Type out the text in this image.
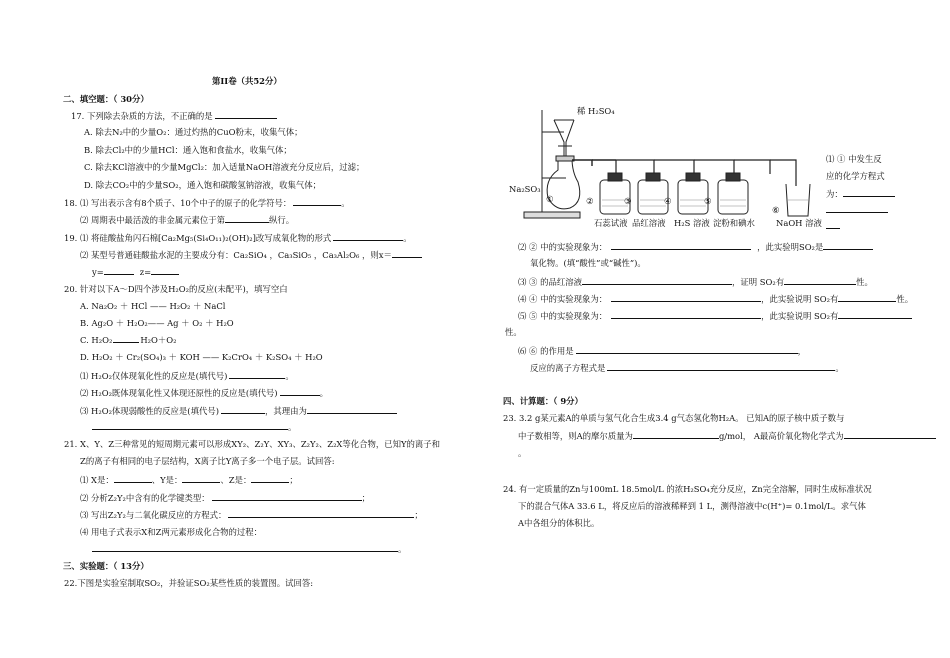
第II卷（共52分）
二、填空题：（ 30分）
17. 下列除去杂质的方法，不正确的是
A. 除去N₂中的少量O₂：通过灼热的CuO粉末，收集气体；
B. 除去Cl₂中的少量HCl：通入饱和食盐水，收集气体；
C. 除去KCl溶液中的少量MgCl₂：加入适量NaOH溶液充分反应后，过滤；
D. 除去CO₂中的少量SO₂，通入饱和碳酸氢钠溶液，收集气体；
18. ⑴ 写出表示含有8个质子、10个中子的原子的化学符号：	。
⑵ 周期表中最活泼的非金属元素位于第	纵行。
19. ⑴ 将硅酸盐角闪石棉[Ca₂Mg₅(Si₄O₁₁)₂(OH)₂]改写成氧化物的形式	。
⑵ 某型号普通硅酸盐水泥的主要成分有：Ca₂SiO₄ ，Ca₃SiO₅ ，Ca₃Al₂O₆ ，则x＝
y=	z=
20. 针对以下A～D四个涉及H₂O₂的反应(未配平)，填写空白
A. Na₂O₂ ＋ HCl —— H₂O₂ ＋ NaCl
B. Ag₂O ＋ H₂O₂—— Ag ＋ O₂ ＋ H₂O
C. H₂O₂	H₂O＋O₂
D. H₂O₂ ＋ Cr₂(SO₄)₃ ＋ KOH —— K₂CrO₄ ＋ K₂SO₄ ＋ H₂O
⑴ H₂O₂仅体现氧化性的反应是(填代号)	。
⑵ H₂O₂既体现氧化性又体现还原性的反应是(填代号)	。
⑶ H₂O₂体现弱酸性的反应是(填代号)	，其理由为
。
21. X、Y、Z三种常见的短周期元素可以形成XY₂、Z₂Y、XY₃、Z₂Y₂、Z₂X等化合物，已知Y的离子和
Z的离子有相同的电子层结构，X离子比Y离子多一个电子层。试回答:
⑴ X是：	、Y是：	、Z是：	；
⑵ 分析Z₂Y₂中含有的化学键类型：	；
⑶ 写出Z₂Y₂与二氧化碳反应的方程式：	；
⑷ 用电子式表示X和Z两元素形成化合物的过程：
。
三、实验题：（ 13分）
22.下图是实验室制取SO₂，并验证SO₂某些性质的装置图。试回答:
稀 H₂SO₄
Na₂SO₃
①	②	③	④	⑤
⑥
石蕊试液 品红溶液 H₂S 溶液 淀粉和碘水	NaOH 溶液
⑴ ① 中发生反
应的化学方程式
为：
⑵ ② 中的实验现象为：	，此实验明SO₂是
氧化物。(填“酸性”或“碱性”)。
⑶ ③ 的品红溶液	，证明 SO₂有	性。
⑷ ④ 中的实验现象为：	，此实验说明 SO₂有	性。
⑸ ⑤ 中的实验现象为：	，此实验说明 SO₂有
性。
⑹ ⑥ 的作用是	，
反应的离子方程式是	。
四、计算题：（ 9分）
23. 3.2 g某元素A的单质与氢气化合生成3.4 g气态氢化物H₂A。 已知A的原子核中质子数与
中子数相等，则A的摩尔质量为	g/mol， A最高价氧化物化学式为
。
24. 有一定质量的Zn与100mL 18.5mol/L 的浓H₂SO₄充分反应，Zn完全溶解，同时生成标准状况
下的混合气体A 33.6 L，将反应后的溶液稀释到 1 L，测得溶液中c(H⁺)= 0.1mol/L。求气体
A中各组分的体积比。
